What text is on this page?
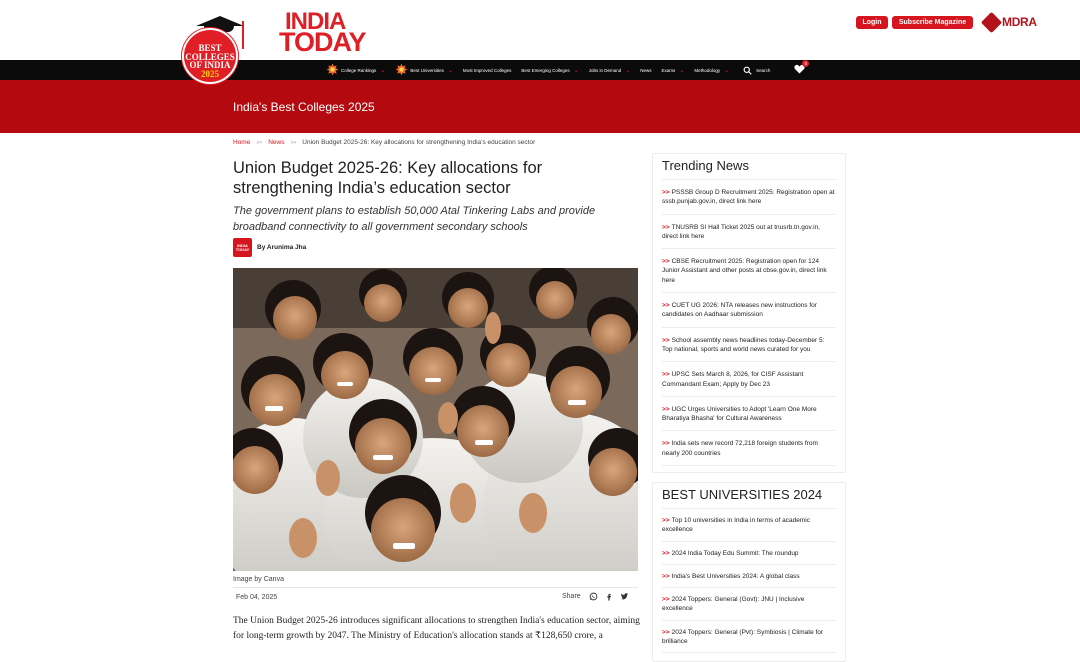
BEST
COLLEGES
OF INDIA
2025
INDIA
TODAY
Login	Subscribe Magazine	MDRA
College Rankings ⌄	Best Universities ⌄ Most Improved Colleges Best Emerging Colleges ⌄ Jobs in Demand ⌄ News Exams ⌄ Methodology ⌄	Search
0
India's Best Colleges 2025
Home >> News >> Union Budget 2025-26: Key allocations for strengthening India’s education sector
Union Budget 2025-26: Key allocations for strengthening India’s education sector

The government plans to establish 50,000 Atal Tinkering Labs and provide broadband connectivity to all government secondary schools

INDIA TODAY	By Arunima Jha
Image by Canva
Feb 04, 2025	Share

The Union Budget 2025-26 introduces significant allocations to strengthen India's education sector, aiming for long-term growth by 2047. The Ministry of Education's allocation stands at ₹128,650 crore, a

Trending News
>> PSSSB Group D Recruitment 2025: Registration open at sssb.punjab.gov.in, direct link here
>> TNUSRB SI Hall Ticket 2025 out at tnusrb.tn.gov.in, direct link here
>> CBSE Recruitment 2025: Registration open for 124 Junior Assistant and other posts at cbse.gov.in, direct link here
>> CUET UG 2026: NTA releases new instructions for candidates on Aadhaar submission
>> School assembly news headlines today-December 5: Top national, sports and world news curated for you
>> UPSC Sets March 8, 2026, for CISF Assistant Commandant Exam; Apply by Dec 23
>> UGC Urges Universities to Adopt 'Learn One More Bharatiya Bhasha' for Cultural Awareness
>> India sets new record 72,218 foreign students from nearly 200 countries
BEST UNIVERSITIES 2024
>> Top 10 universities in India in terms of academic excellence
>> 2024 India Today Edu Summit: The roundup
>> India's Best Universities 2024: A global class
>> 2024 Toppers: General (Govt): JNU | Inclusive excellence
>> 2024 Toppers: General (Pvt): Symbiosis | Climate for brilliance
